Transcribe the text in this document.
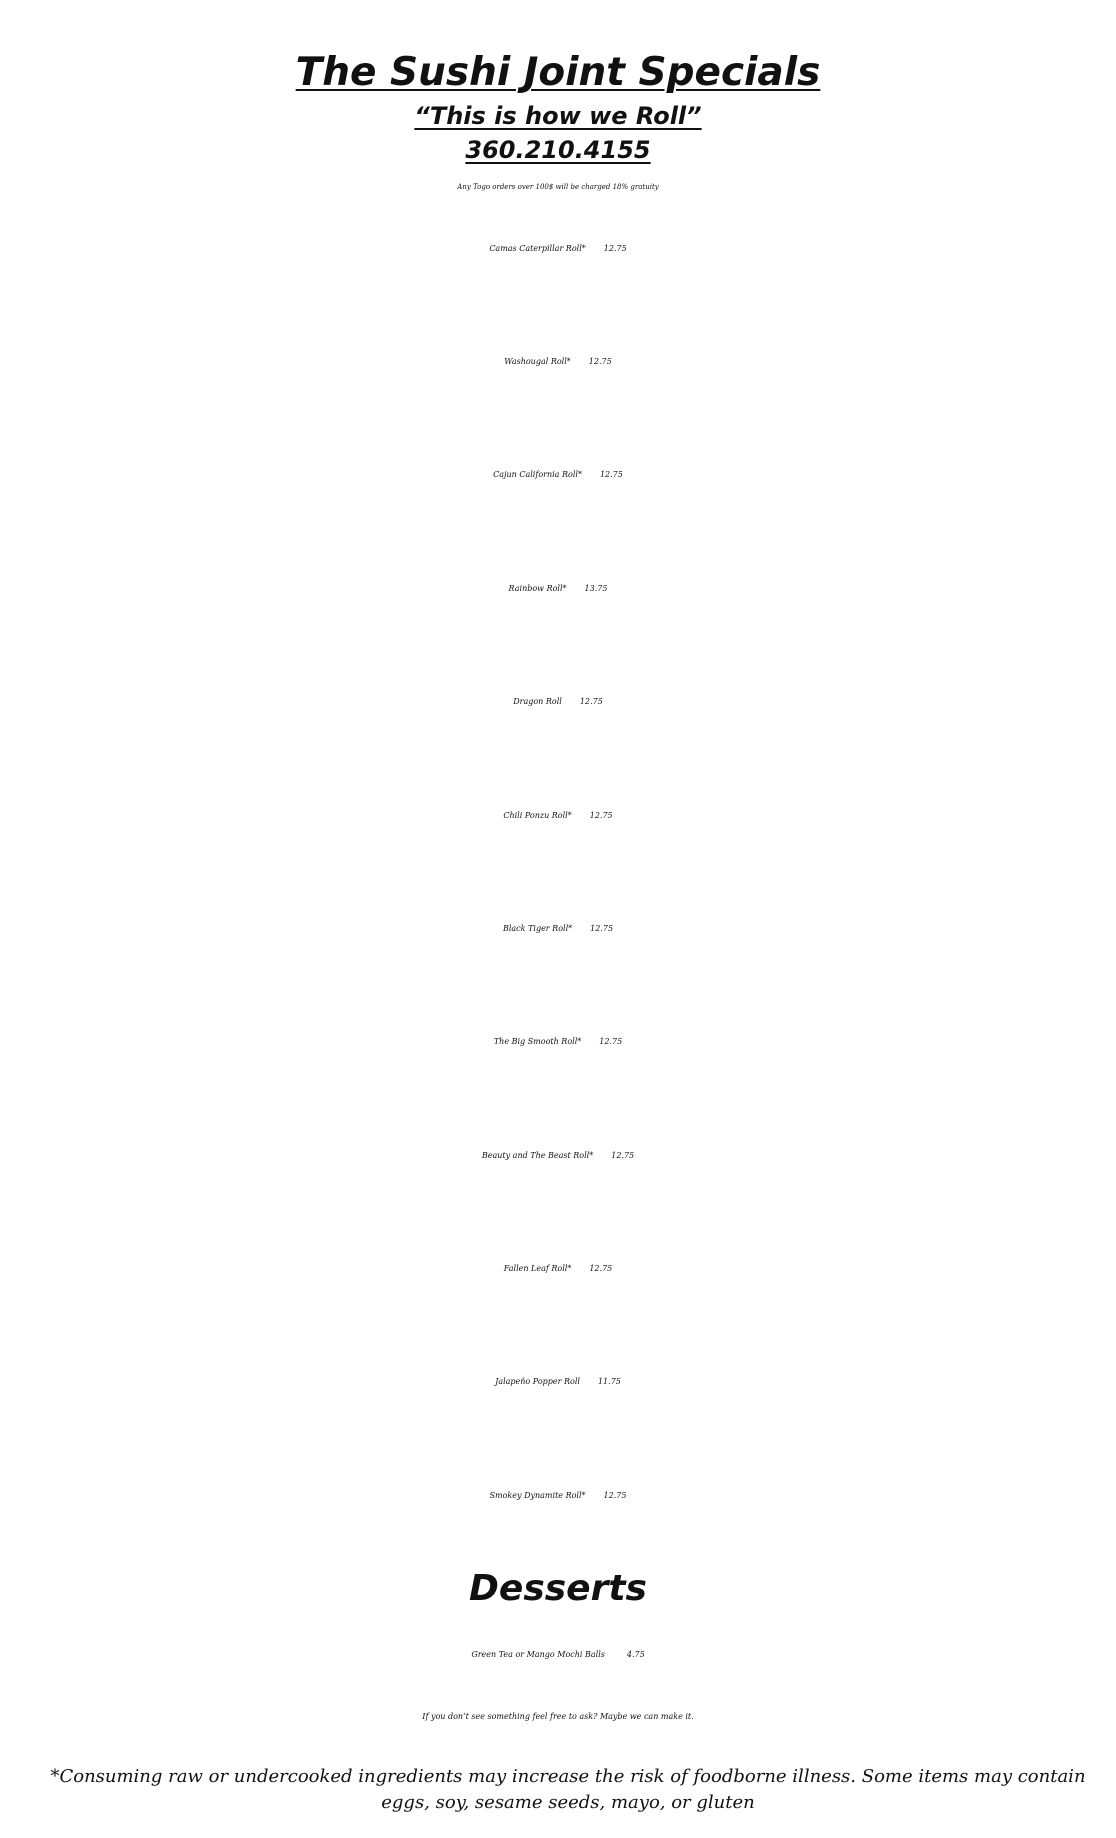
The Sushi Joint Specials
“This is how we Roll”
360.210.4155
Any Togo orders over 100$ will be charged 18% gratuity
Camas Caterpillar Roll* 12.75
Washougal Roll* 12.75
Cajun California Roll* 12.75
Rainbow Roll* 13.75
Dragon Roll 12.75
Chili Ponzu Roll* 12.75
Black Tiger Roll* 12.75
The Big Smooth Roll* 12.75
Beauty and The Beast Roll* 12.75
Fallen Leaf Roll* 12.75
Jalapeño Popper Roll 11.75
Smokey Dynamite Roll* 12.75
Desserts
Green Tea or Mango Mochi Balls	4.75
If you don’t see something feel free to ask? Maybe we can make it.
*Consuming raw or undercooked ingredients may increase the risk of foodborne illness. Some items may contain eggs, soy, sesame seeds, mayo, or gluten
